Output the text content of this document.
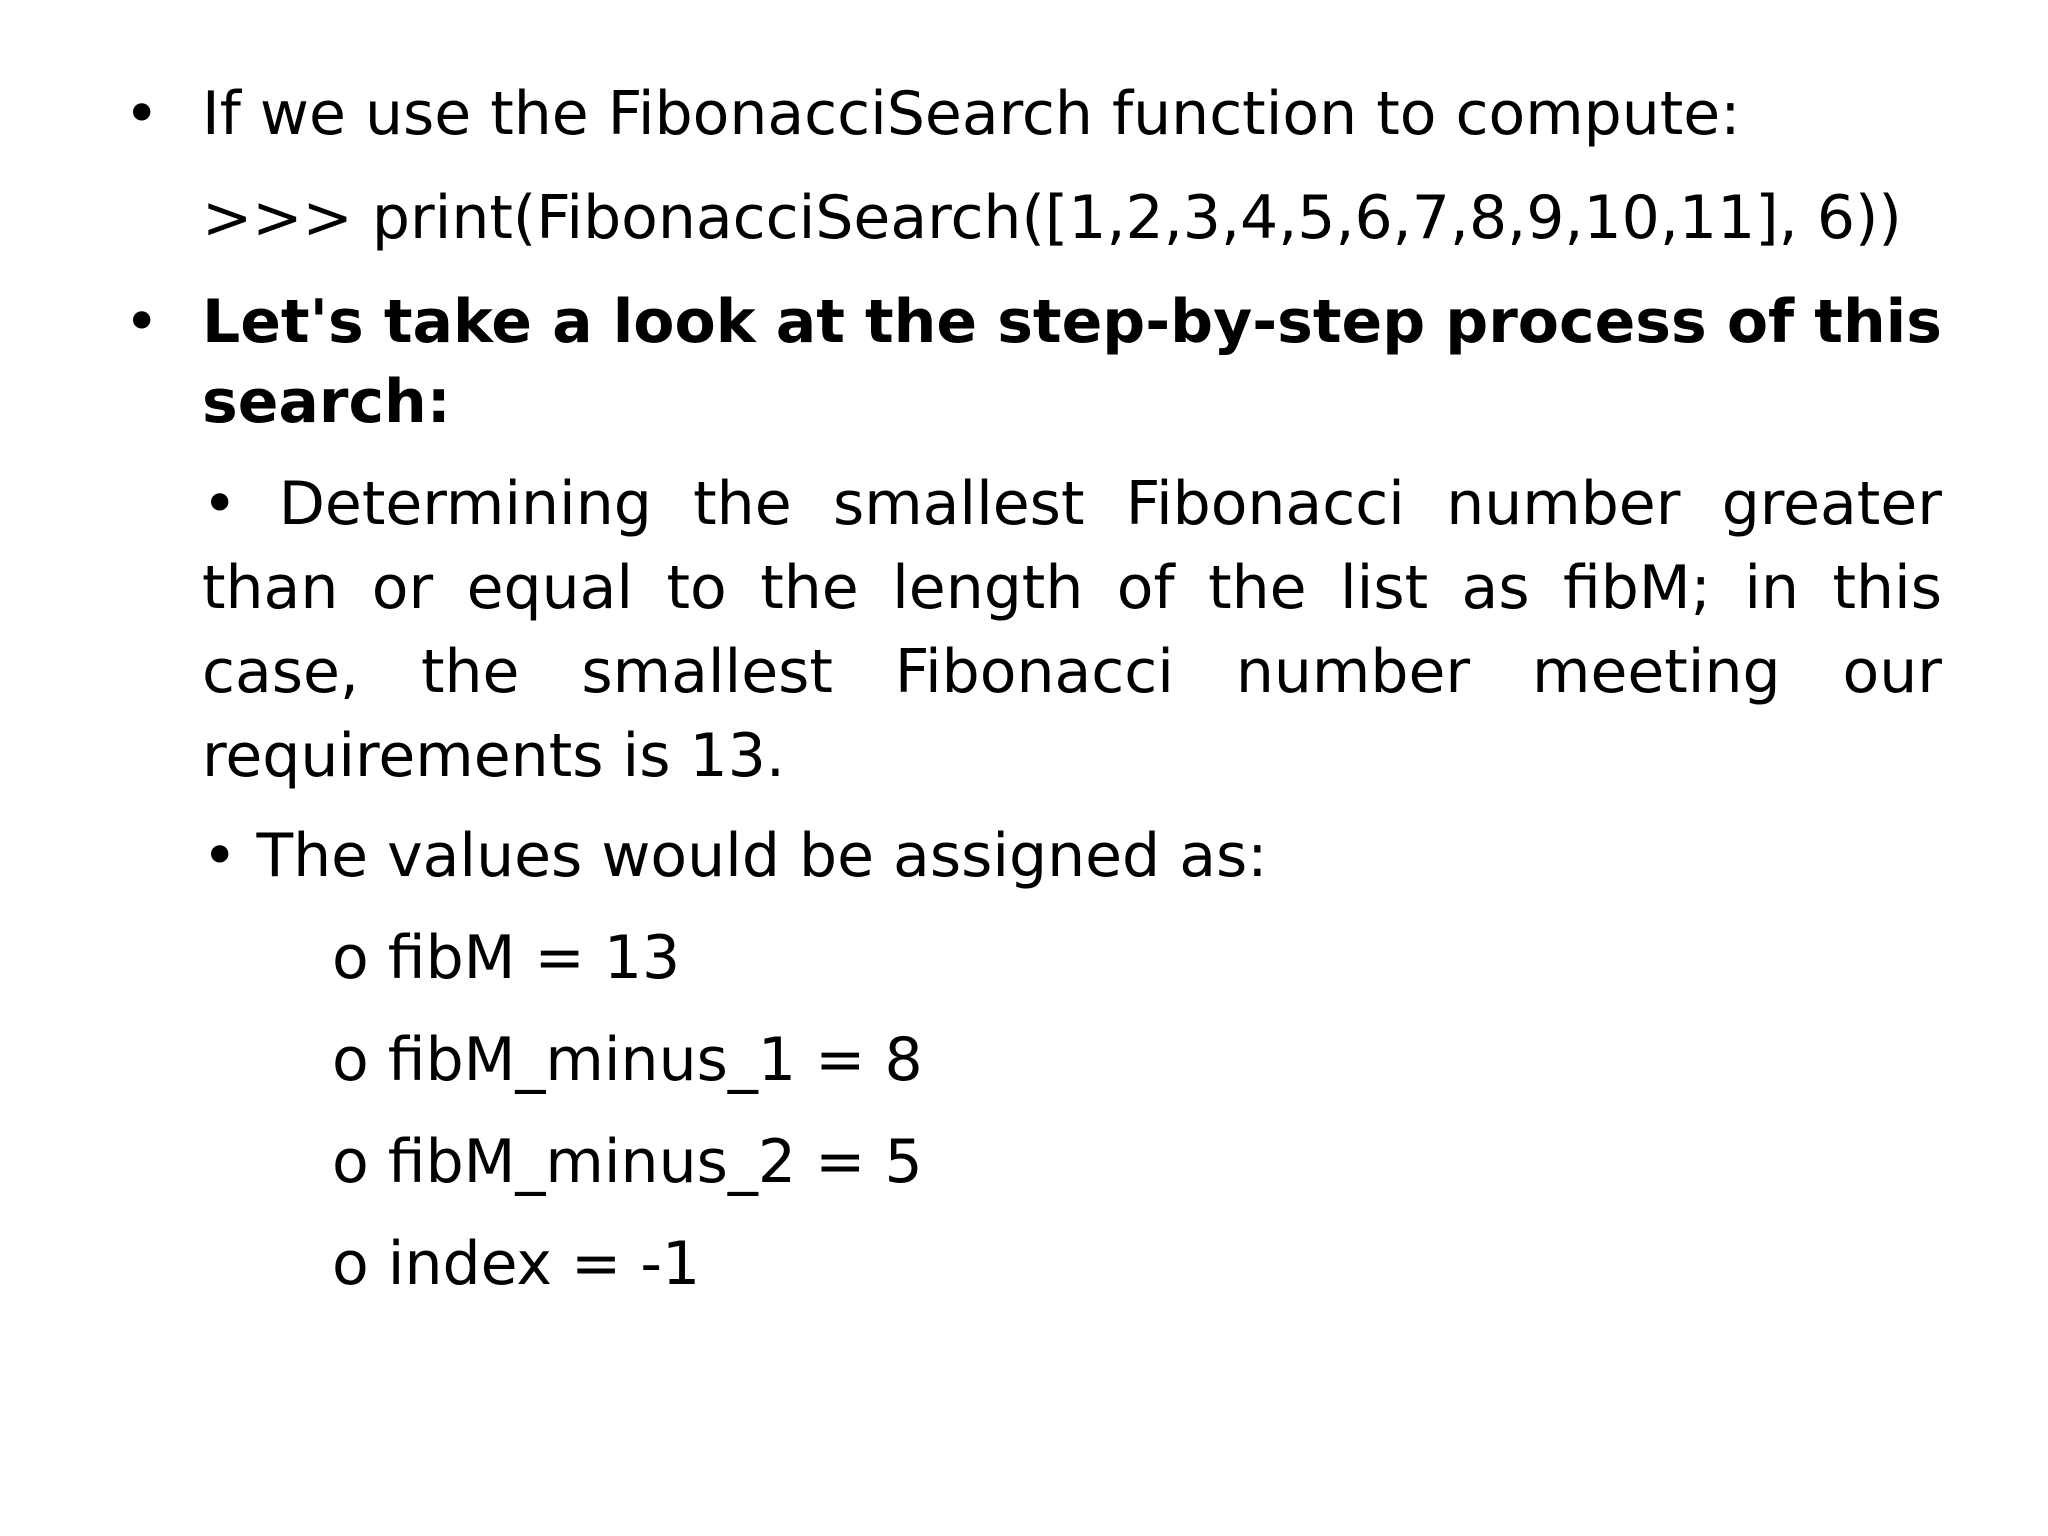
• If we use the FibonacciSearch function to compute:
>>> print(FibonacciSearch([1,2,3,4,5,6,7,8,9,10,11], 6))
• Let's take a look at the step-by-step process of this
search:
• Determining the smallest Fibonacci number greater
than or equal to the length of the list as fibM; in this
case, the smallest Fibonacci number meeting our
requirements is 13.
• The values would be assigned as:
o fibM = 13
o fibM_minus_1 = 8
o fibM_minus_2 = 5
o index = -1
